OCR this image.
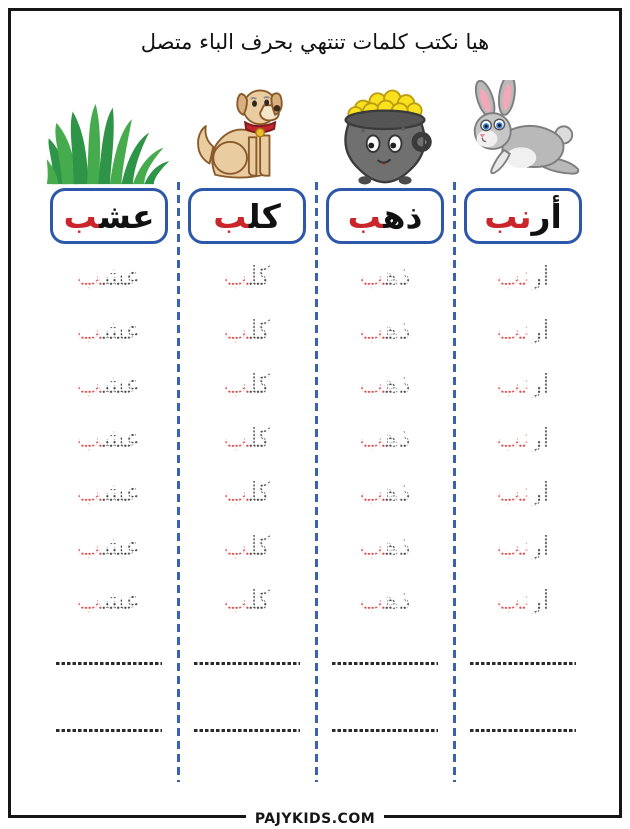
هيا نكتب كلمات تنتهي بحرف الباء متصل
عش‍
‍ب
عش‍
‍ب
عش‍
‍ب
عش‍
‍ب
عش‍
‍ب
عش‍
‍ب
عش‍
‍ب
عش‍
‍ب
كل‍
‍ب
كل‍
‍ب
كل‍
‍ب
كل‍
‍ب
كل‍
‍ب
كل‍
‍ب
كل‍
‍ب
كل‍
‍ب
ذه‍
‍ب
ذه‍
‍ب
ذه‍
‍ب
ذه‍
‍ب
ذه‍
‍ب
ذه‍
‍ب
ذه‍
‍ب
ذه‍
‍ب
أر
نب
أر
نب
أر
نب
أر
نب
أر
نب
أر
نب
أر
نب
أر
نب
PAJYKIDS.COM
